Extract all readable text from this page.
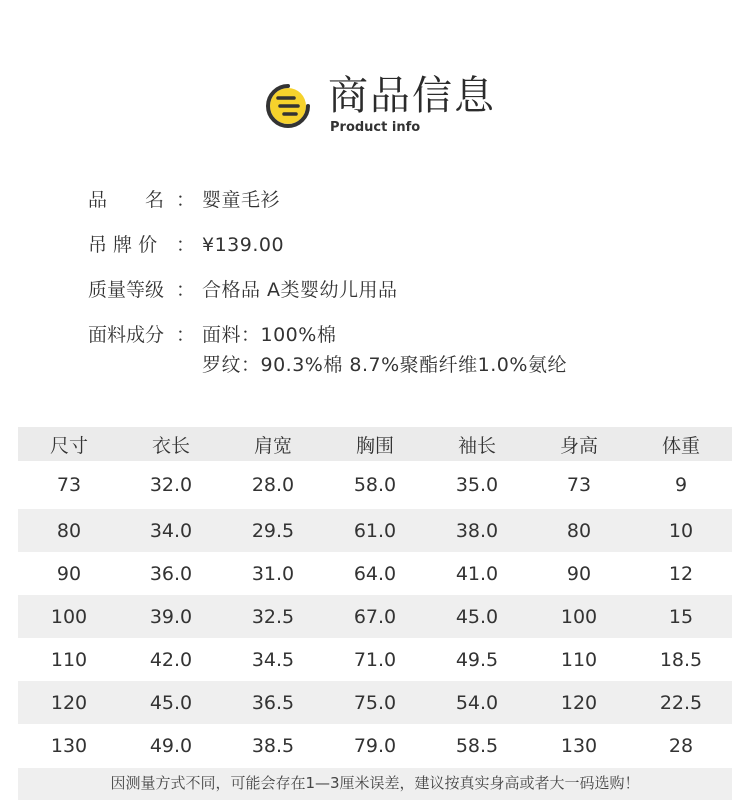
商品信息
Product info
品　　名 ： 婴童毛衫
吊 牌 价 ： ¥139.00
质量等级 ： 合格品 A类婴幼儿用品
面料成分 ： 面料：100%棉
罗纹：90.3%棉 8.7%聚酯纤维1.0%氨纶
尺寸	衣长	肩宽	胸围	袖长	身高	体重
73	32.0	28.0	58.0	35.0	73	9
80	34.0	29.5	61.0	38.0	80	10
90	36.0	31.0	64.0	41.0	90	12
100	39.0	32.5	67.0	45.0	100	15
110	42.0	34.5	71.0	49.5	110	18.5
120	45.0	36.5	75.0	54.0	120	22.5
130	49.0	38.5	79.0	58.5	130	28
因测量方式不同，可能会存在1—3厘米误差，建议按真实身高或者大一码选购！
